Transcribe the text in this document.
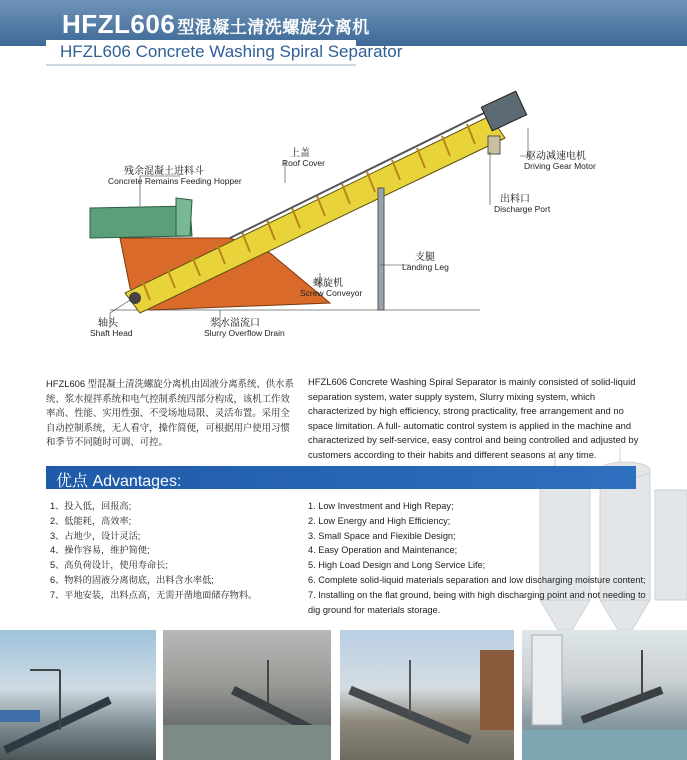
HFZL606 型混凝土清洗螺旋分离机
HFZL606 Concrete Washing Spiral Separator
残余混凝土进料斗
Concrete Remains Feeding Hopper
上盖
Roof Cover
驱动减速电机
Driving Gear Motor
出料口
Discharge Port
支腿
Landing Leg
螺旋机
Screw Conveyor
轴头
Shaft Head
浆水溢流口
Slurry Overflow Drain
HFZL606 型混凝土清洗螺旋分离机由固液分离系统、供水系统、浆水搅拌系统和电气控制系统四部分构成，该机工作效率高、性能、实用性强、不受场地局限、灵活布置。采用全自动控制系统，无人看守，操作简便，可根据用户使用习惯和季节不同随时可调、可控。
HFZL606 Concrete Washing Spiral Separator is mainly consisted of solid-liquid separation system, water supply system, Slurry mixing system, which characterized by high efficiency, strong practicality, free arrangement and no space limitation. A full- automatic control system is applied in the machine and characterized by self-service, easy control and being controlled and adjusted by customers according to their habits and different seasons at any time.
优点 Advantages:
1、投入低，回报高;
2、低能耗，高效率;
3、占地少，设计灵活;
4、操作容易，维护简便;
5、高负荷设计，使用寿命长;
6、物料的固液分离彻底，出料含水率低;
7、平地安装，出料点高，无需开凿地面储存物料。
1. Low Investment and High Repay;
2. Low Energy and High Efficiency;
3. Small Space and Flexible Design;
4. Easy Operation and Maintenance;
5. High Load Design and Long Service Life;
6. Complete solid-liquid materials separation and low discharging moisture content;
7. Installing on the flat ground, being with high discharging point and not needing to dig ground for materials storage.
